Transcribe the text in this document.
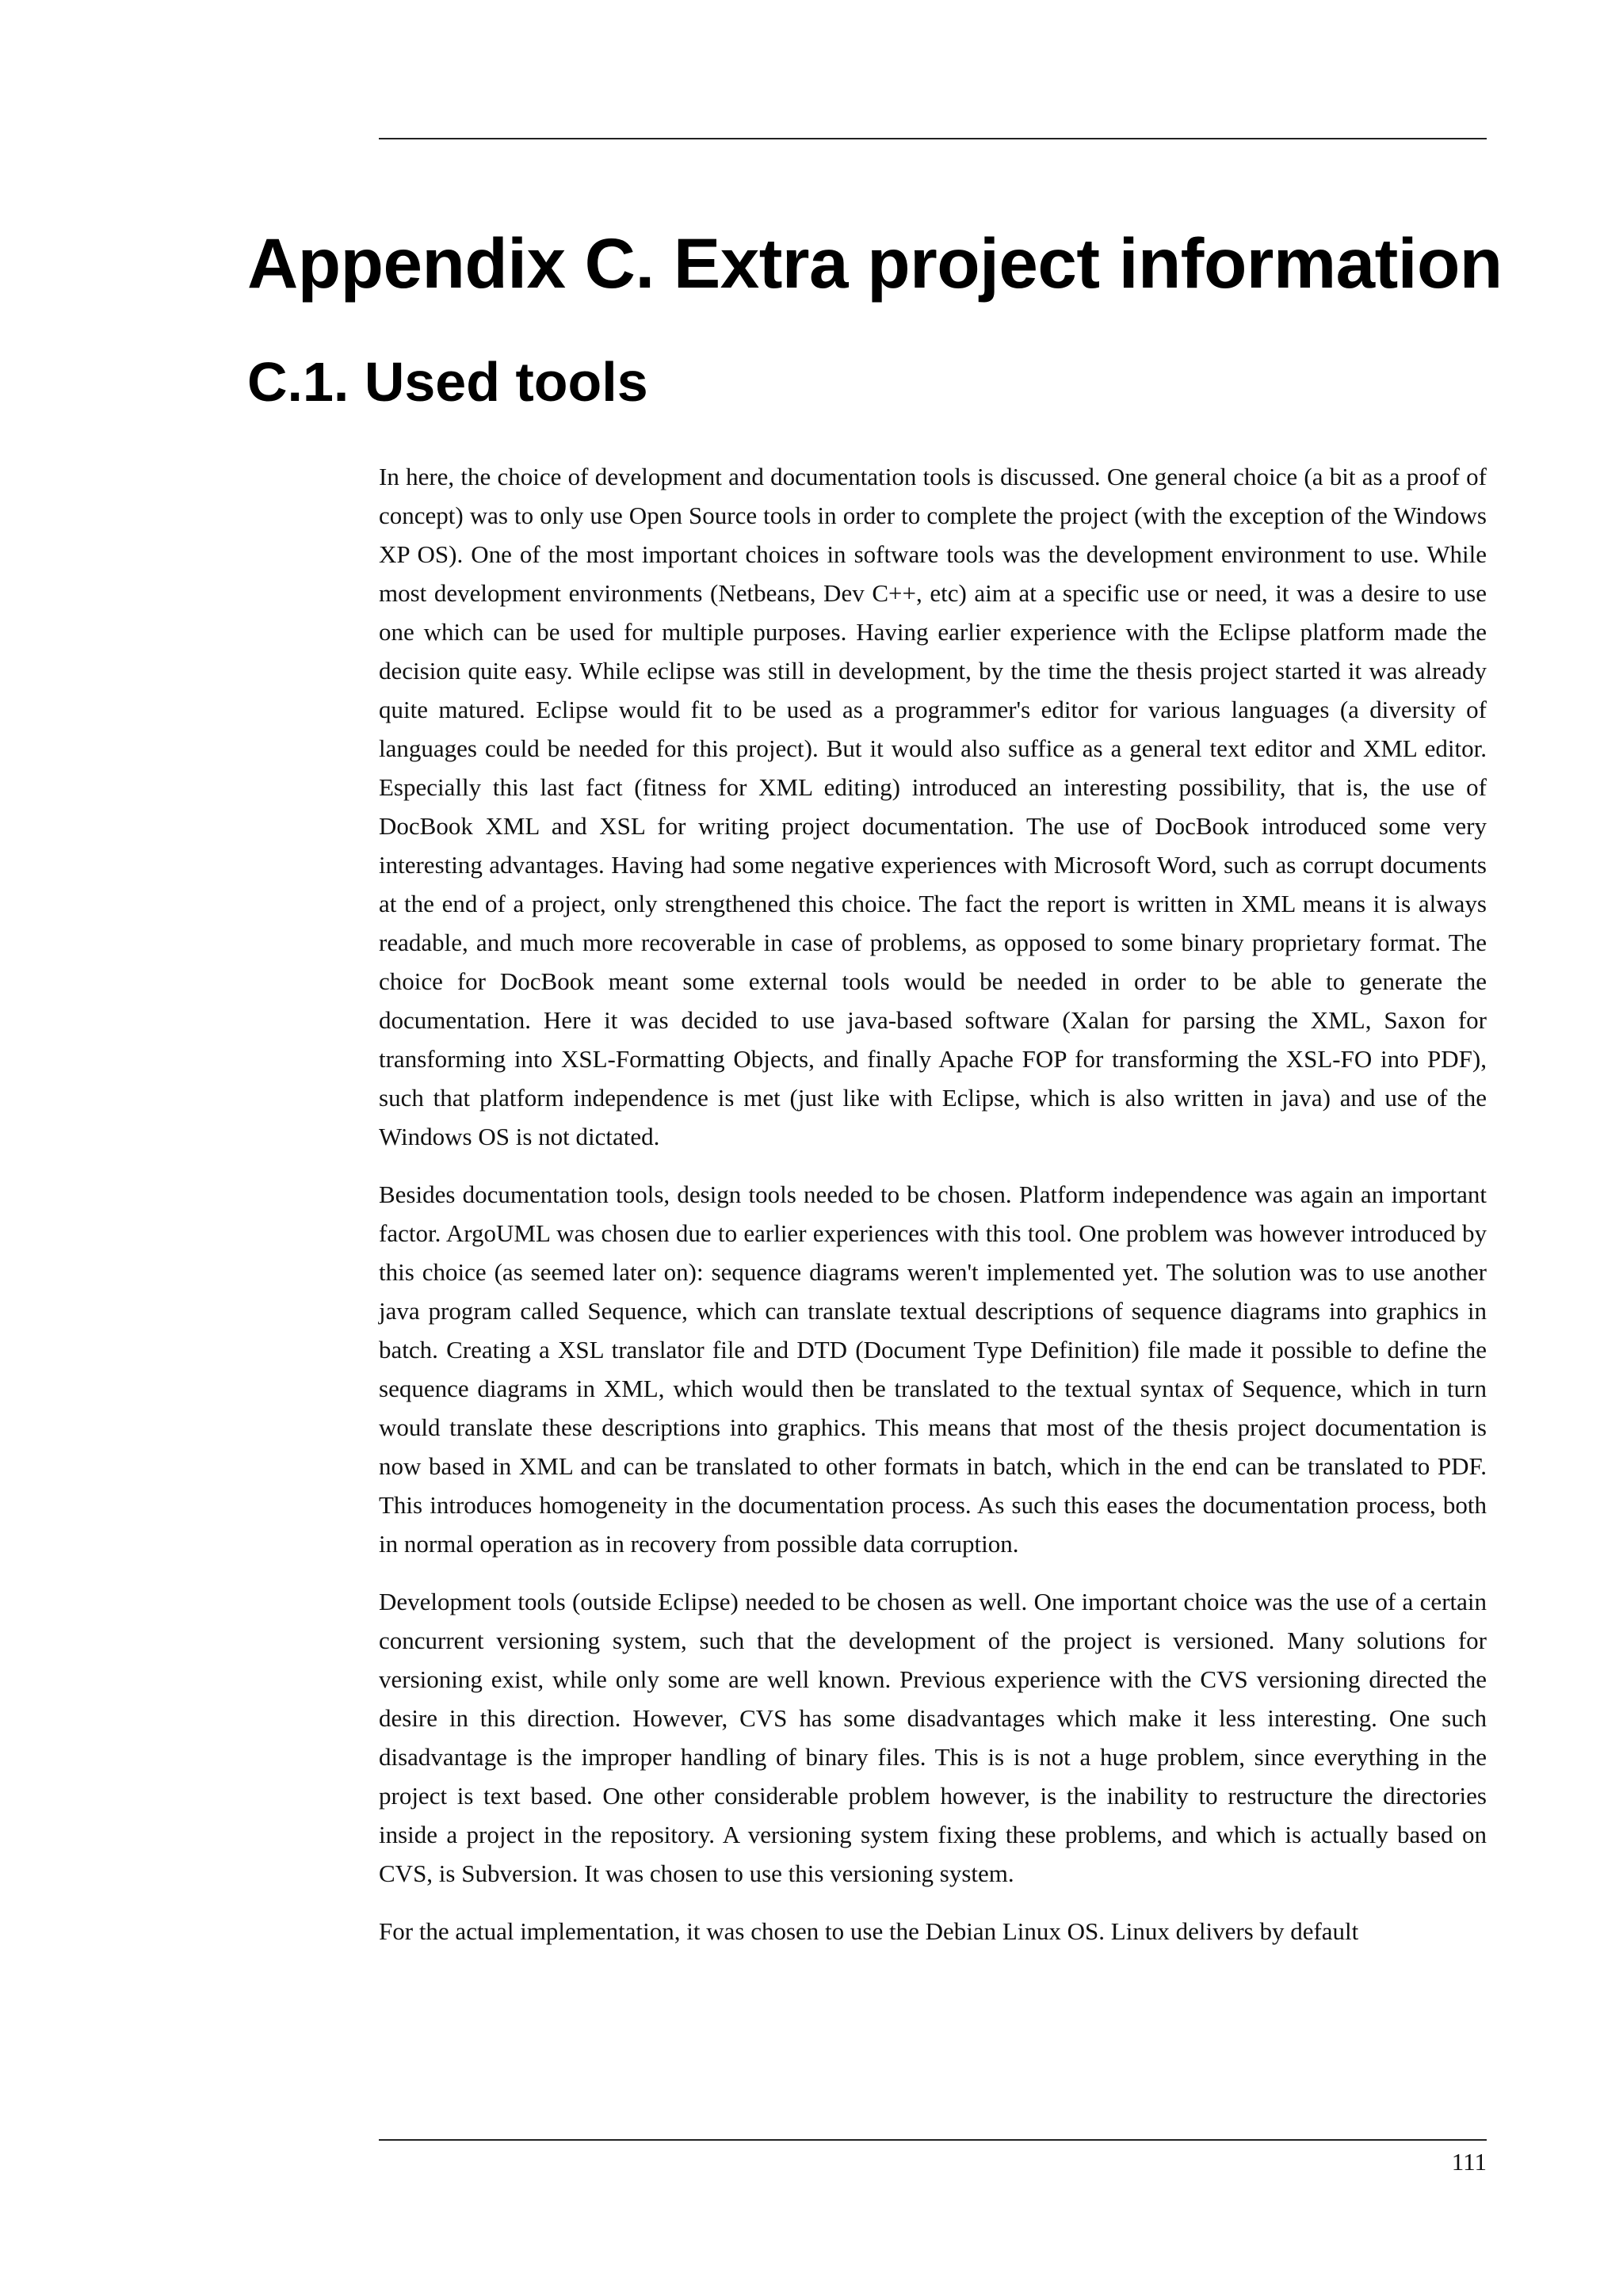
Appendix C. Extra project information
C.1. Used tools

In here, the choice of development and documentation tools is discussed. One general choice (a bit as a proof of concept) was to only use Open Source tools in order to complete the project (with the exception of the Windows XP OS). One of the most important choices in software tools was the development environment to use. While most development environments (Netbeans, Dev C++, etc) aim at a specific use or need, it was a desire to use one which can be used for multiple purposes. Having earlier experience with the Eclipse platform made the decision quite easy. While eclipse was still in development, by the time the thesis project started it was already quite matured. Eclipse would fit to be used as a programmer's editor for various languages (a diversity of languages could be needed for this project). But it would also suffice as a general text editor and XML editor. Especially this last fact (fitness for XML editing) introduced an interesting possibility, that is, the use of DocBook XML and XSL for writing project documentation. The use of DocBook introduced some very interesting advantages. Having had some negative experiences with Microsoft Word, such as corrupt documents at the end of a project, only strengthened this choice. The fact the report is written in XML means it is always readable, and much more recoverable in case of problems, as opposed to some binary proprietary format. The choice for DocBook meant some external tools would be needed in order to be able to generate the documentation. Here it was decided to use java-based software (Xalan for parsing the XML, Saxon for transforming into XSL-Formatting Objects, and finally Apache FOP for transforming the XSL-FO into PDF), such that platform independence is met (just like with Eclipse, which is also written in java) and use of the Windows OS is not dictated.

Besides documentation tools, design tools needed to be chosen. Platform independence was again an important factor. ArgoUML was chosen due to earlier experiences with this tool. One problem was however introduced by this choice (as seemed later on): sequence diagrams weren't implemented yet. The solution was to use another java program called Sequence, which can translate textual descriptions of sequence diagrams into graphics in batch. Creating a XSL translator file and DTD (Document Type Definition) file made it possible to define the sequence diagrams in XML, which would then be translated to the textual syntax of Sequence, which in turn would translate these descriptions into graphics. This means that most of the thesis project documentation is now based in XML and can be translated to other formats in batch, which in the end can be translated to PDF. This introduces homogeneity in the documentation process. As such this eases the documentation process, both in normal operation as in recovery from possible data corruption.

Development tools (outside Eclipse) needed to be chosen as well. One important choice was the use of a certain concurrent versioning system, such that the development of the project is versioned. Many solutions for versioning exist, while only some are well known. Previous experience with the CVS versioning directed the desire in this direction. However, CVS has some disadvantages which make it less interesting. One such disadvantage is the improper handling of binary files. This is is not a huge problem, since everything in the project is text based. One other considerable problem however, is the inability to restructure the directories inside a project in the repository. A versioning system fixing these problems, and which is actually based on CVS, is Subversion. It was chosen to use this versioning system.

For the actual implementation, it was chosen to use the Debian Linux OS. Linux delivers by default

111
